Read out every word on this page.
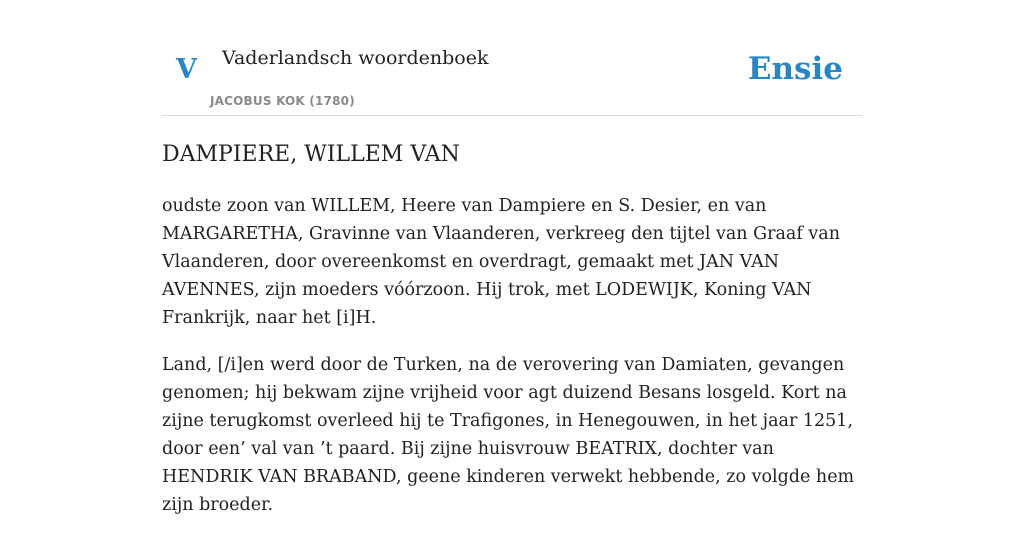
V Vaderlandsch woordenboek
JACOBUS KOK (1780)
Ensie
DAMPIERE, WILLEM VAN

oudste zoon van WILLEM, Heere van Dampiere en S. Desier, en van MARGARETHA, Gravinne van Vlaanderen, verkreeg den tijtel van Graaf van Vlaanderen, door overeenkomst en overdragt, gemaakt met JAN VAN AVENNES, zijn moeders vóórzoon. Hij trok, met LODEWIJK, Koning VAN Frankrijk, naar het [i]H.

Land, [/i]en werd door de Turken, na de verovering van Damiaten, gevangen genomen; hij bekwam zijne vrijheid voor agt duizend Besans losgeld. Kort na zijne terugkomst overleed hij te Trafigones, in Henegouwen, in het jaar 1251, door een’ val van ’t paard. Bij zijne huisvrouw BEATRIX, dochter van HENDRIK VAN BRABAND, geene kinderen verwekt hebbende, zo volgde hem zijn broeder.
